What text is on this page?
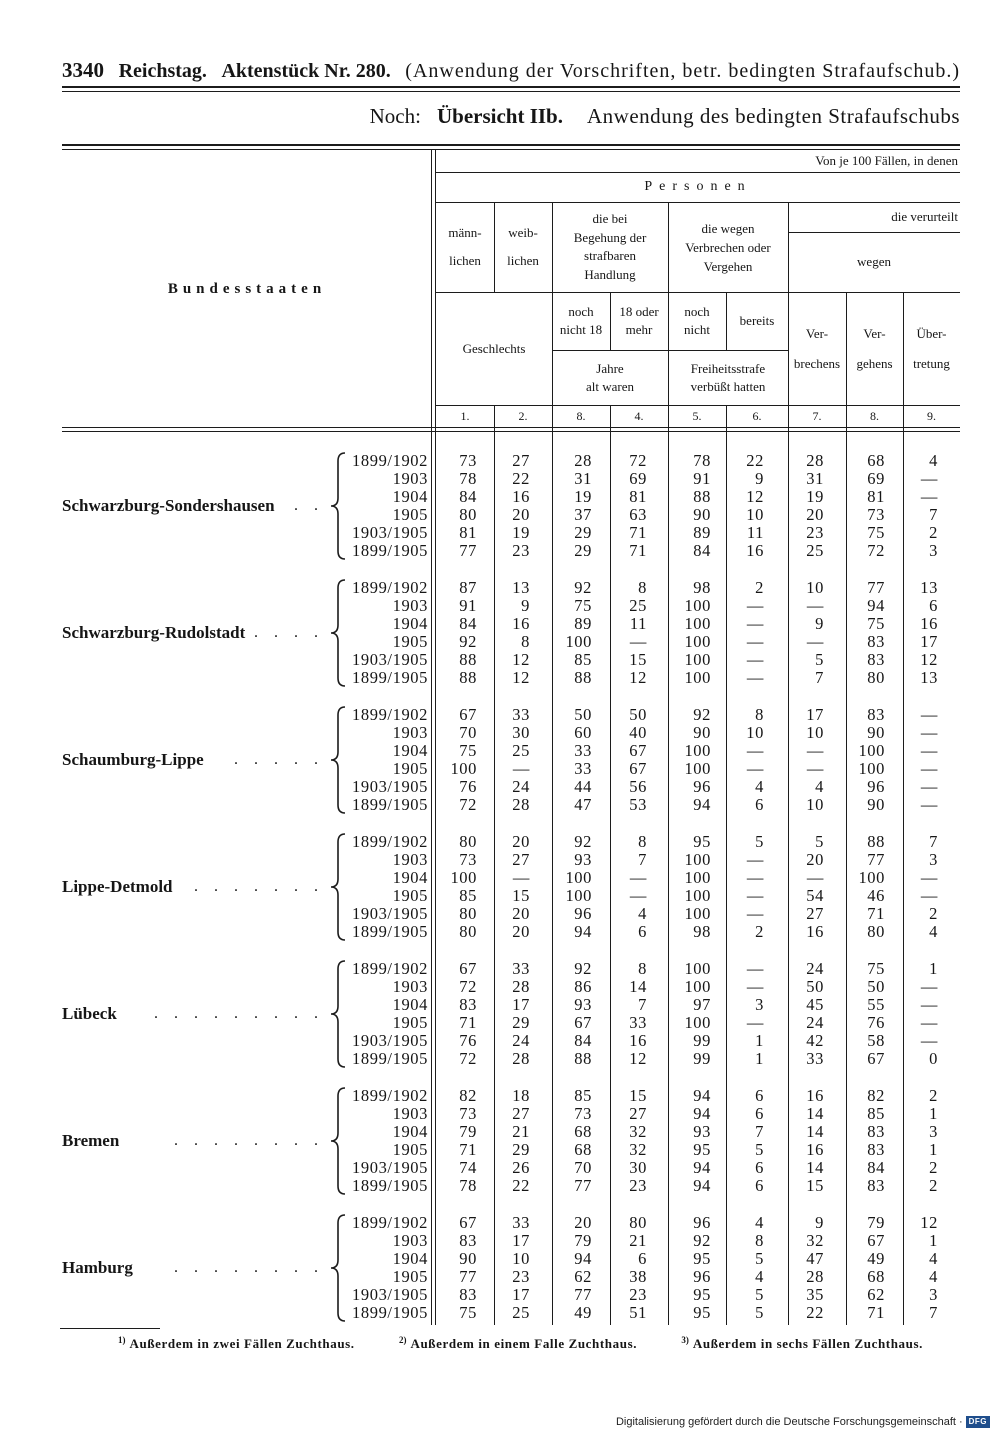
3340 Reichstag. Aktenstück Nr. 280. (Anwendung der Vorschriften, betr. bedingten Strafaufschub.)
Noch: Übersicht IIb. Anwendung des bedingten Strafaufschubs
Bundesstaaten
Von je 100 Fällen, in denen
Personen
männ-
lichen
weib-
lichen
Geschlechts
die bei
Begehung der
strafbaren
Handlung
noch
nicht 18
18 oder
mehr
Jahre
alt waren
die wegen
Verbrechen oder
Vergehen
noch
nicht
bereits
Freiheitsstrafe
verbüßt hatten
die verurteilt
wegen
Ver-
brechens
Ver-
gehens
Über-
tretung
1.	2.	8.	4.	5.	6.	7.	8.	9.
Schwarzburg-Sondershausen . .
1899/1902	73	27	28	72	78	22	28	68	4
1903	78	22	31	69	91	9	31	69	—
1904	84	16	19	81	88	12	19	81	—
1905	80	20	37	63	90	10	20	73	7
1903/1905	81	19	29	71	89	11	23	75	2
1899/1905	77	23	29	71	84	16	25	72	3
Schwarzburg-Rudolstadt . . . .
1899/1902	87	13	92	8	98	2	10	77	13
1903	91	9	75	25	100	—	—	94	6
1904	84	16	89	11	100	—	9	75	16
1905	92	8	100	—	100	—	—	83	17
1903/1905	88	12	85	15	100	—	5	83	12
1899/1905	88	12	88	12	100	—	7	80	13
Schaumburg-Lippe . . . . .
1899/1902	67	33	50	50	92	8	17	83	—
1903	70	30	60	40	90	10	10	90	—
1904	75	25	33	67	100	—	—	100	—
1905	100	—	33	67	100	—	—	100	—
1903/1905	76	24	44	56	96	4	4	96	—
1899/1905	72	28	47	53	94	6	10	90	—
Lippe-Detmold . . . . . . .
1899/1902	80	20	92	8	95	5	5	88	7
1903	73	27	93	7	100	—	20	77	3
1904	100	—	100	—	100	—	—	100	—
1905	85	15	100	—	100	—	54	46	—
1903/1905	80	20	96	4	100	—	27	71	2
1899/1905	80	20	94	6	98	2	16	80	4
Lübeck . . . . . . . . .
1899/1902	67	33	92	8	100	—	24	75	1
1903	72	28	86	14	100	—	50	50	—
1904	83	17	93	7	97	3	45	55	—
1905	71	29	67	33	100	—	24	76	—
1903/1905	76	24	84	16	99	1	42	58	—
1899/1905	72	28	88	12	99	1	33	67	0
Bremen	. . . . . . . .
1899/1902	82	18	85	15	94	6	16	82	2
1903	73	27	73	27	94	6	14	85	1
1904	79	21	68	32	93	7	14	83	3
1905	71	29	68	32	95	5	16	83	1
1903/1905	74	26	70	30	94	6	14	84	2
1899/1905	78	22	77	23	94	6	15	83	2
Hamburg	. . . . . . . .
1899/1902	67	33	20	80	96	4	9	79	12
1903	83	17	79	21	92	8	32	67	1
1904	90	10	94	6	95	5	47	49	4
1905	77	23	62	38	96	4	28	68	4
1903/1905	83	17	77	23	95	5	35	62	3
1899/1905	75	25	49	51	95	5	22	71	7
$^{1)}$ Außerdem in zwei Fällen Zuchthaus.	$^{2)}$ Außerdem in einem Falle Zuchthaus.	$^{3)}$ Außerdem in sechs Fällen Zuchthaus.
Digitalisierung gefördert durch die Deutsche Forschungsgemeinschaft · DFG
